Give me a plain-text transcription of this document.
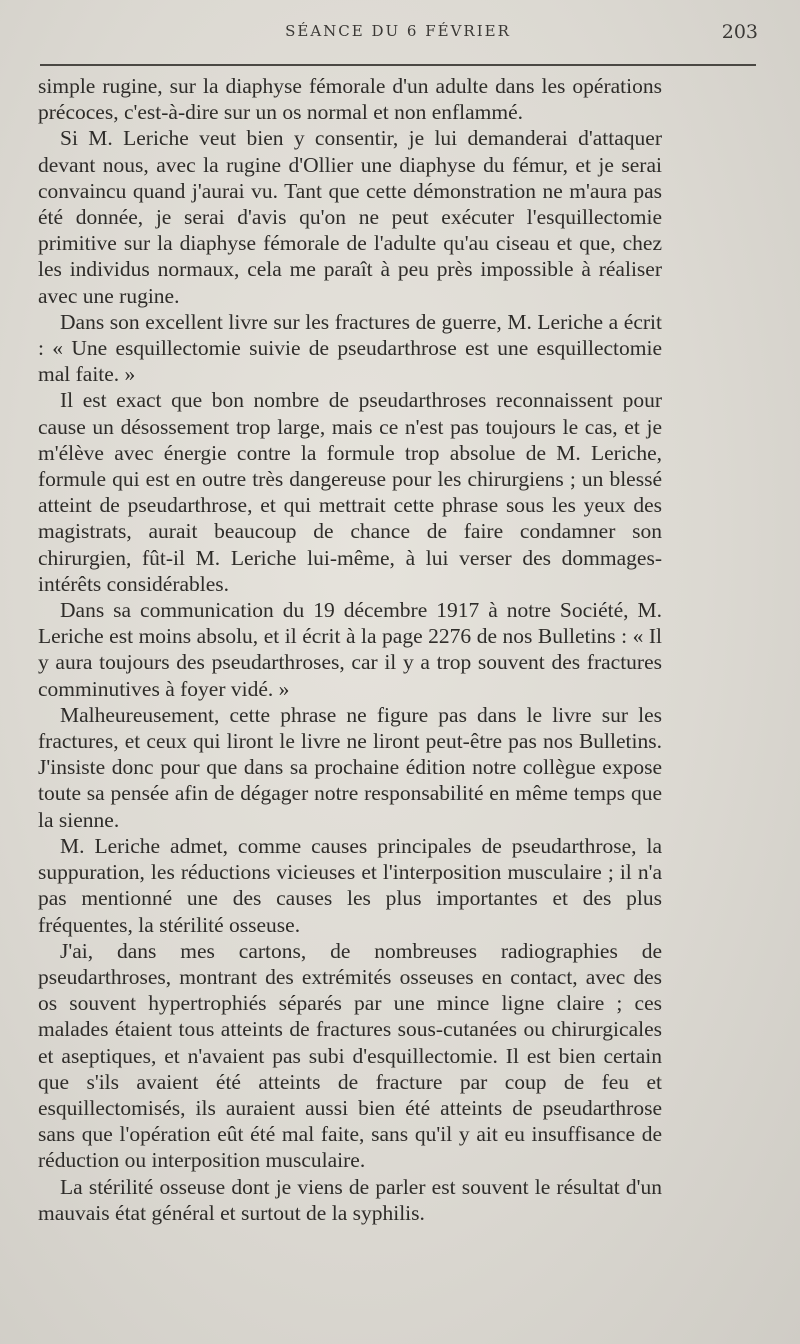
SÉANCE DU 6 FÉVRIER	203

simple rugine, sur la diaphyse fémorale d'un adulte dans les opérations précoces, c'est-à-dire sur un os normal et non enflammé.

Si M. Leriche veut bien y consentir, je lui demanderai d'attaquer devant nous, avec la rugine d'Ollier une diaphyse du fémur, et je serai convaincu quand j'aurai vu. Tant que cette démonstration ne m'aura pas été donnée, je serai d'avis qu'on ne peut exécuter l'esquillectomie primitive sur la diaphyse fémorale de l'adulte qu'au ciseau et que, chez les individus normaux, cela me paraît à peu près impossible à réaliser avec une rugine.

Dans son excellent livre sur les fractures de guerre, M. Leriche a écrit : « Une esquillectomie suivie de pseudarthrose est une esquillectomie mal faite. »

Il est exact que bon nombre de pseudarthroses reconnaissent pour cause un désossement trop large, mais ce n'est pas toujours le cas, et je m'élève avec énergie contre la formule trop absolue de M. Leriche, formule qui est en outre très dangereuse pour les chirurgiens ; un blessé atteint de pseudarthrose, et qui mettrait cette phrase sous les yeux des magistrats, aurait beaucoup de chance de faire condamner son chirurgien, fût-il M. Leriche lui-même, à lui verser des dommages-intérêts considérables.

Dans sa communication du 19 décembre 1917 à notre Société, M. Leriche est moins absolu, et il écrit à la page 2276 de nos Bulletins : « Il y aura toujours des pseudarthroses, car il y a trop souvent des fractures comminutives à foyer vidé. »

Malheureusement, cette phrase ne figure pas dans le livre sur les fractures, et ceux qui liront le livre ne liront peut-être pas nos Bulletins. J'insiste donc pour que dans sa prochaine édition notre collègue expose toute sa pensée afin de dégager notre responsabilité en même temps que la sienne.

M. Leriche admet, comme causes principales de pseudarthrose, la suppuration, les réductions vicieuses et l'interposition musculaire ; il n'a pas mentionné une des causes les plus importantes et des plus fréquentes, la stérilité osseuse.

J'ai, dans mes cartons, de nombreuses radiographies de pseudarthroses, montrant des extrémités osseuses en contact, avec des os souvent hypertrophiés séparés par une mince ligne claire ; ces malades étaient tous atteints de fractures sous-cutanées ou chirurgicales et aseptiques, et n'avaient pas subi d'esquillectomie. Il est bien certain que s'ils avaient été atteints de fracture par coup de feu et esquillectomisés, ils auraient aussi bien été atteints de pseudarthrose sans que l'opération eût été mal faite, sans qu'il y ait eu insuffisance de réduction ou interposition musculaire.

La stérilité osseuse dont je viens de parler est souvent le résultat d'un mauvais état général et surtout de la syphilis.
